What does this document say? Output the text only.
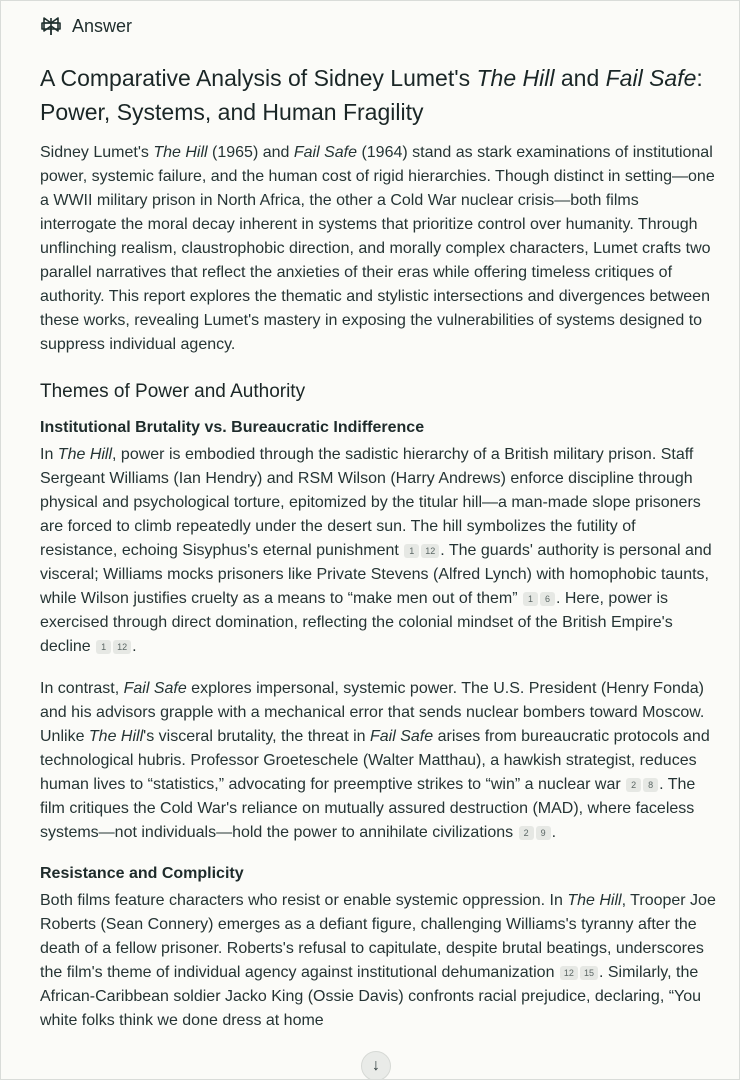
Answer
A Comparative Analysis of Sidney Lumet's The Hill and Fail Safe: Power, Systems, and Human Fragility

Sidney Lumet's The Hill (1965) and Fail Safe (1964) stand as stark examinations of institutional power, systemic failure, and the human cost of rigid hierarchies. Though distinct in setting—one a WWII military prison in North Africa, the other a Cold War nuclear crisis—both films interrogate the moral decay inherent in systems that prioritize control over humanity. Through unflinching realism, claustrophobic direction, and morally complex characters, Lumet crafts two parallel narratives that reflect the anxieties of their eras while offering timeless critiques of authority. This report explores the thematic and stylistic intersections and divergences between these works, revealing Lumet's mastery in exposing the vulnerabilities of systems designed to suppress individual agency.

Themes of Power and Authority
Institutional Brutality vs. Bureaucratic Indifference

In The Hill, power is embodied through the sadistic hierarchy of a British military prison. Staff Sergeant Williams (Ian Hendry) and RSM Wilson (Harry Andrews) enforce discipline through physical and psychological torture, epitomized by the titular hill—a man-made slope prisoners are forced to climb repeatedly under the desert sun. The hill symbolizes the futility of resistance, echoing Sisyphus's eternal punishment 1 12 . The guards' authority is personal and visceral; Williams mocks prisoners like Private Stevens (Alfred Lynch) with homophobic taunts, while Wilson justifies cruelty as a means to “make men out of them” 1 6 . Here, power is exercised through direct domination, reflecting the colonial mindset of the British Empire's decline 1 12 .

In contrast, Fail Safe explores impersonal, systemic power. The U.S. President (Henry Fonda) and his advisors grapple with a mechanical error that sends nuclear bombers toward Moscow. Unlike The Hill's visceral brutality, the threat in Fail Safe arises from bureaucratic protocols and technological hubris. Professor Groeteschele (Walter Matthau), a hawkish strategist, reduces human lives to “statistics,” advocating for preemptive strikes to “win” a nuclear war 2 8 . The film critiques the Cold War's reliance on mutually assured destruction (MAD), where faceless systems—not individuals—hold the power to annihilate civilizations 2 9 .

Resistance and Complicity

Both films feature characters who resist or enable systemic oppression. In The Hill, Trooper Joe Roberts (Sean Connery) emerges as a defiant figure, challenging Williams's tyranny after the death of a fellow prisoner. Roberts's refusal to capitulate, despite brutal beatings, underscores the film's theme of individual agency against institutional dehumanization 12 15 . Similarly, the African-Caribbean soldier Jacko King (Ossie Davis) confronts racial prejudice, declaring, “You white folks think we done dress at home

↓
